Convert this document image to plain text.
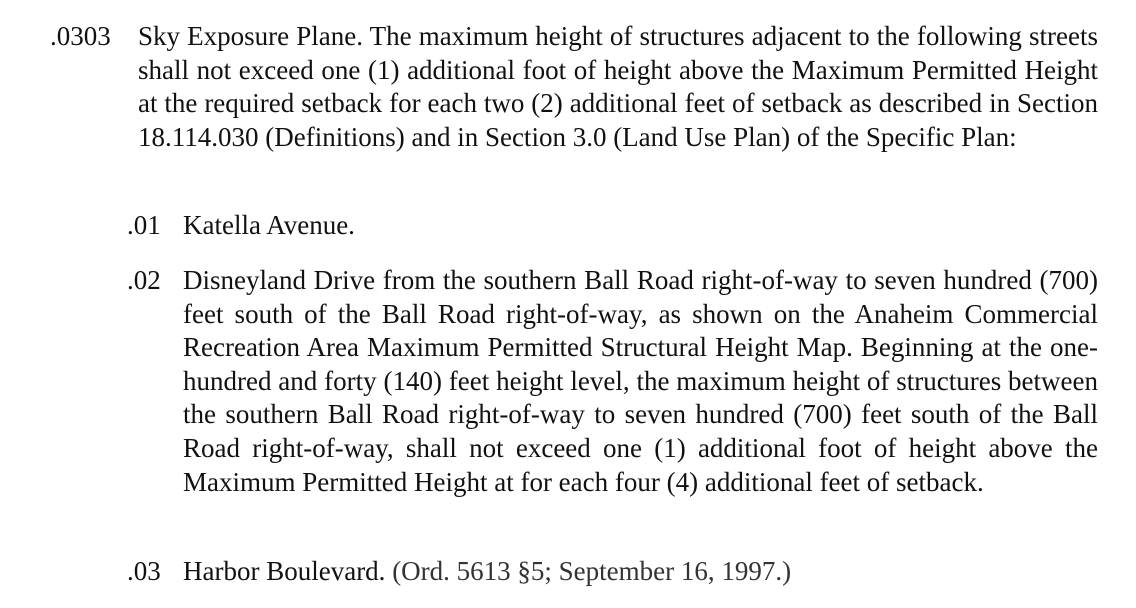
.0303 Sky Exposure Plane. The maximum height of structures adjacent to the following streets shall not exceed one (1) additional foot of height above the Maximum Permitted Height at the required setback for each two (2) additional feet of setback as described in Section 18.114.030 (Definitions) and in Section 3.0 (Land Use Plan) of the Specific Plan:
.01 Katella Avenue.
.02 Disneyland Drive from the southern Ball Road right-of-way to seven hundred (700) feet south of the Ball Road right-of-way, as shown on the Anaheim Commercial Recreation Area Maximum Permitted Structural Height Map. Beginning at the one-hundred and forty (140) feet height level, the maximum height of structures between the southern Ball Road right-of-way to seven hundred (700) feet south of the Ball Road right-of-way, shall not exceed one (1) additional foot of height above the Maximum Permitted Height at for each four (4) additional feet of setback.
.03 Harbor Boulevard. (Ord. 5613 §5; September 16, 1997.)
